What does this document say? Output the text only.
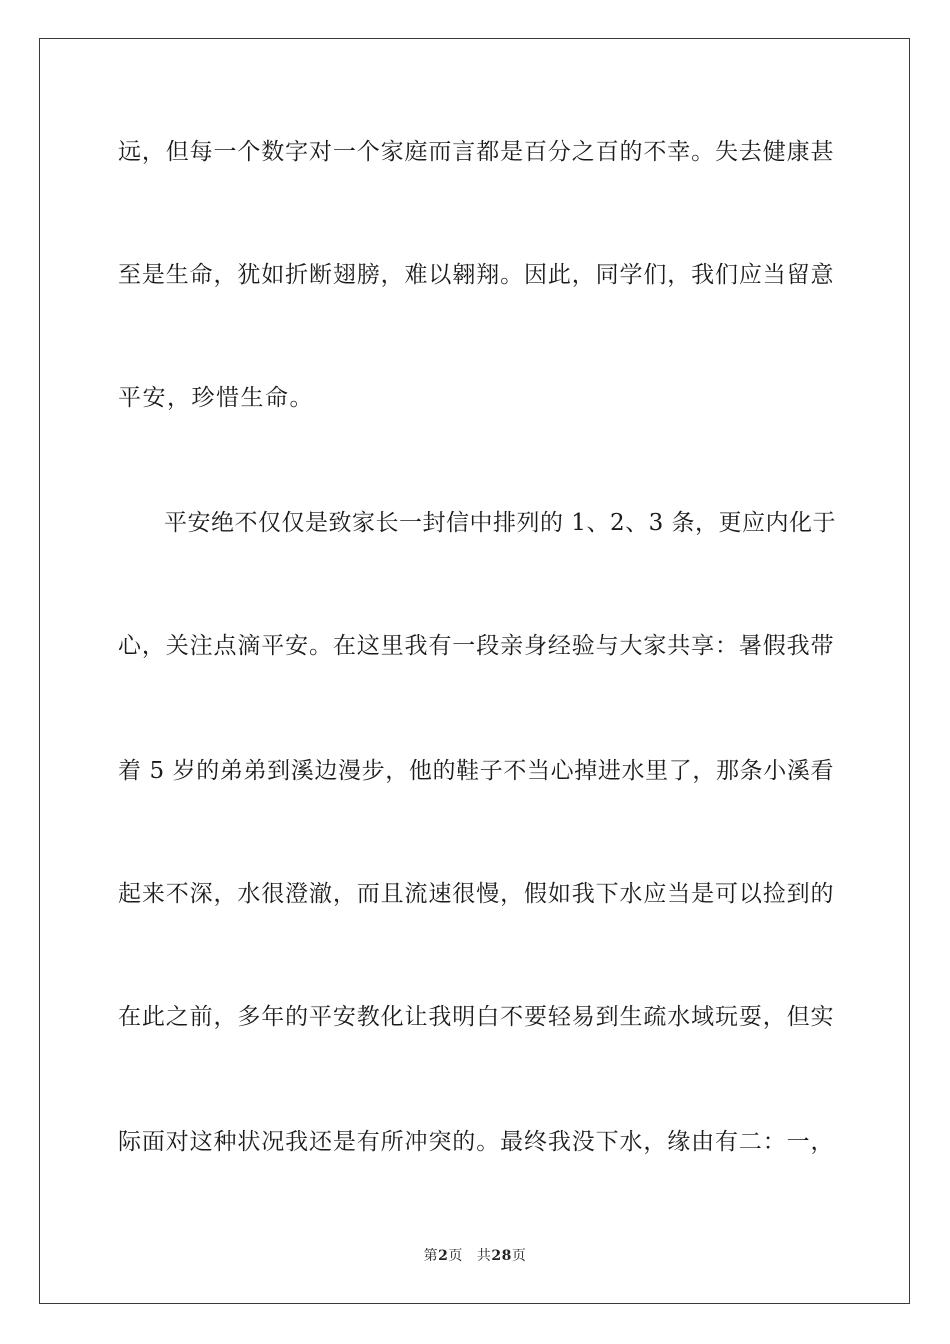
远，但每一个数字对一个家庭而言都是百分之百的不幸。失去健康甚
至是生命，犹如折断翅膀，难以翱翔。因此，同学们，我们应当留意
平安，珍惜生命。
平安绝不仅仅是致家长一封信中排列的 1、2、3 条，更应内化于
心，关注点滴平安。在这里我有一段亲身经验与大家共享：暑假我带
着 5 岁的弟弟到溪边漫步，他的鞋子不当心掉进水里了，那条小溪看
起来不深，水很澄澈，而且流速很慢，假如我下水应当是可以捡到的
在此之前，多年的平安教化让我明白不要轻易到生疏水域玩耍，但实
际面对这种状况我还是有所冲突的。最终我没下水，缘由有二：一，
第2页 共28页
